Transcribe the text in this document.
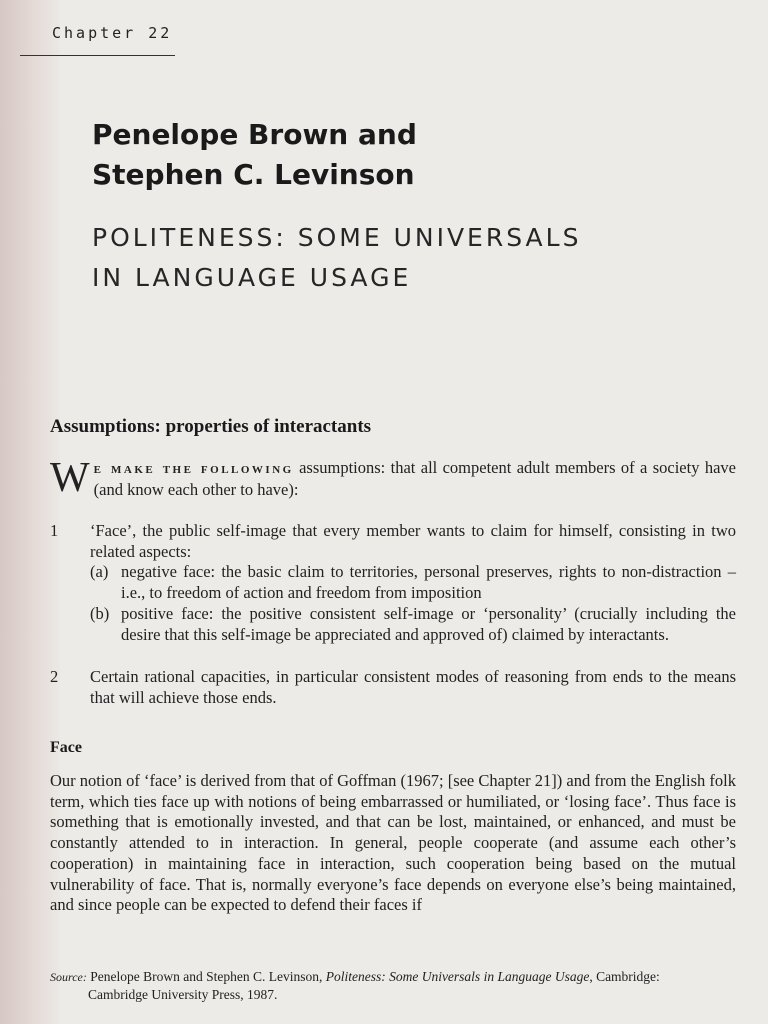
Chapter 22
Penelope Brown and
Stephen C. Levinson
POLITENESS: SOME UNIVERSALS
IN LANGUAGE USAGE
Assumptions: properties of interactants

We make the following assumptions: that all competent adult members of a society have (and know each other to have):

1	‘Face’, the public self-image that every member wants to claim for himself, consisting in two related aspects:
(a) negative face: the basic claim to territories, personal preserves, rights to non-distraction – i.e., to freedom of action and freedom from imposition
(b) positive face: the positive consistent self-image or ‘personality’ (crucially including the desire that this self-image be appreciated and approved of) claimed by interactants.
2	Certain rational capacities, in particular consistent modes of reasoning from ends to the means that will achieve those ends.
Face

Our notion of ‘face’ is derived from that of Goffman (1967; [see Chapter 21]) and from the English folk term, which ties face up with notions of being embarrassed or humiliated, or ‘losing face’. Thus face is something that is emotionally invested, and that can be lost, maintained, or enhanced, and must be constantly attended to in interaction. In general, people cooperate (and assume each other’s cooperation) in maintaining face in interaction, such cooperation being based on the mutual vulnerability of face. That is, normally everyone’s face depends on everyone else’s being maintained, and since people can be expected to defend their faces if

Source: Penelope Brown and Stephen C. Levinson, Politeness: Some Universals in Language Usage, Cambridge:
Cambridge University Press, 1987.
